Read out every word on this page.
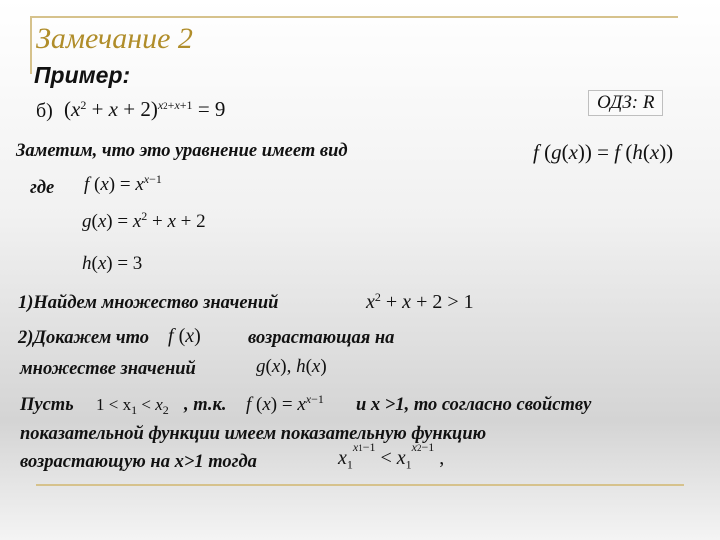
Замечание 2
Пример:
б) $(x^2 + x + 2)^{x2+x+1} = 9$	ОДЗ: R
Заметим, что это уравнение имеет вид	f (g(x)) = f (h(x))
где f $(x) = x^{x-1}$
$g(x) = x^2 + x + 2$
h(x) = 3
1)Найдем множество значений	$x^2 + x + 2 > 1$
2)Докажем что f (x)	возрастающая на
множестве значений	g(x), h(x)
Пусть $1 < x_1 < x_2$ , т.к. f $(x) = x^{x-1}$ и x >1, то согласно свойству
показательной функции имеем показательную функцию
возрастающую на x>1 тогда	$x_1^{x1-1} < x_1^{x2-1}$ ,
